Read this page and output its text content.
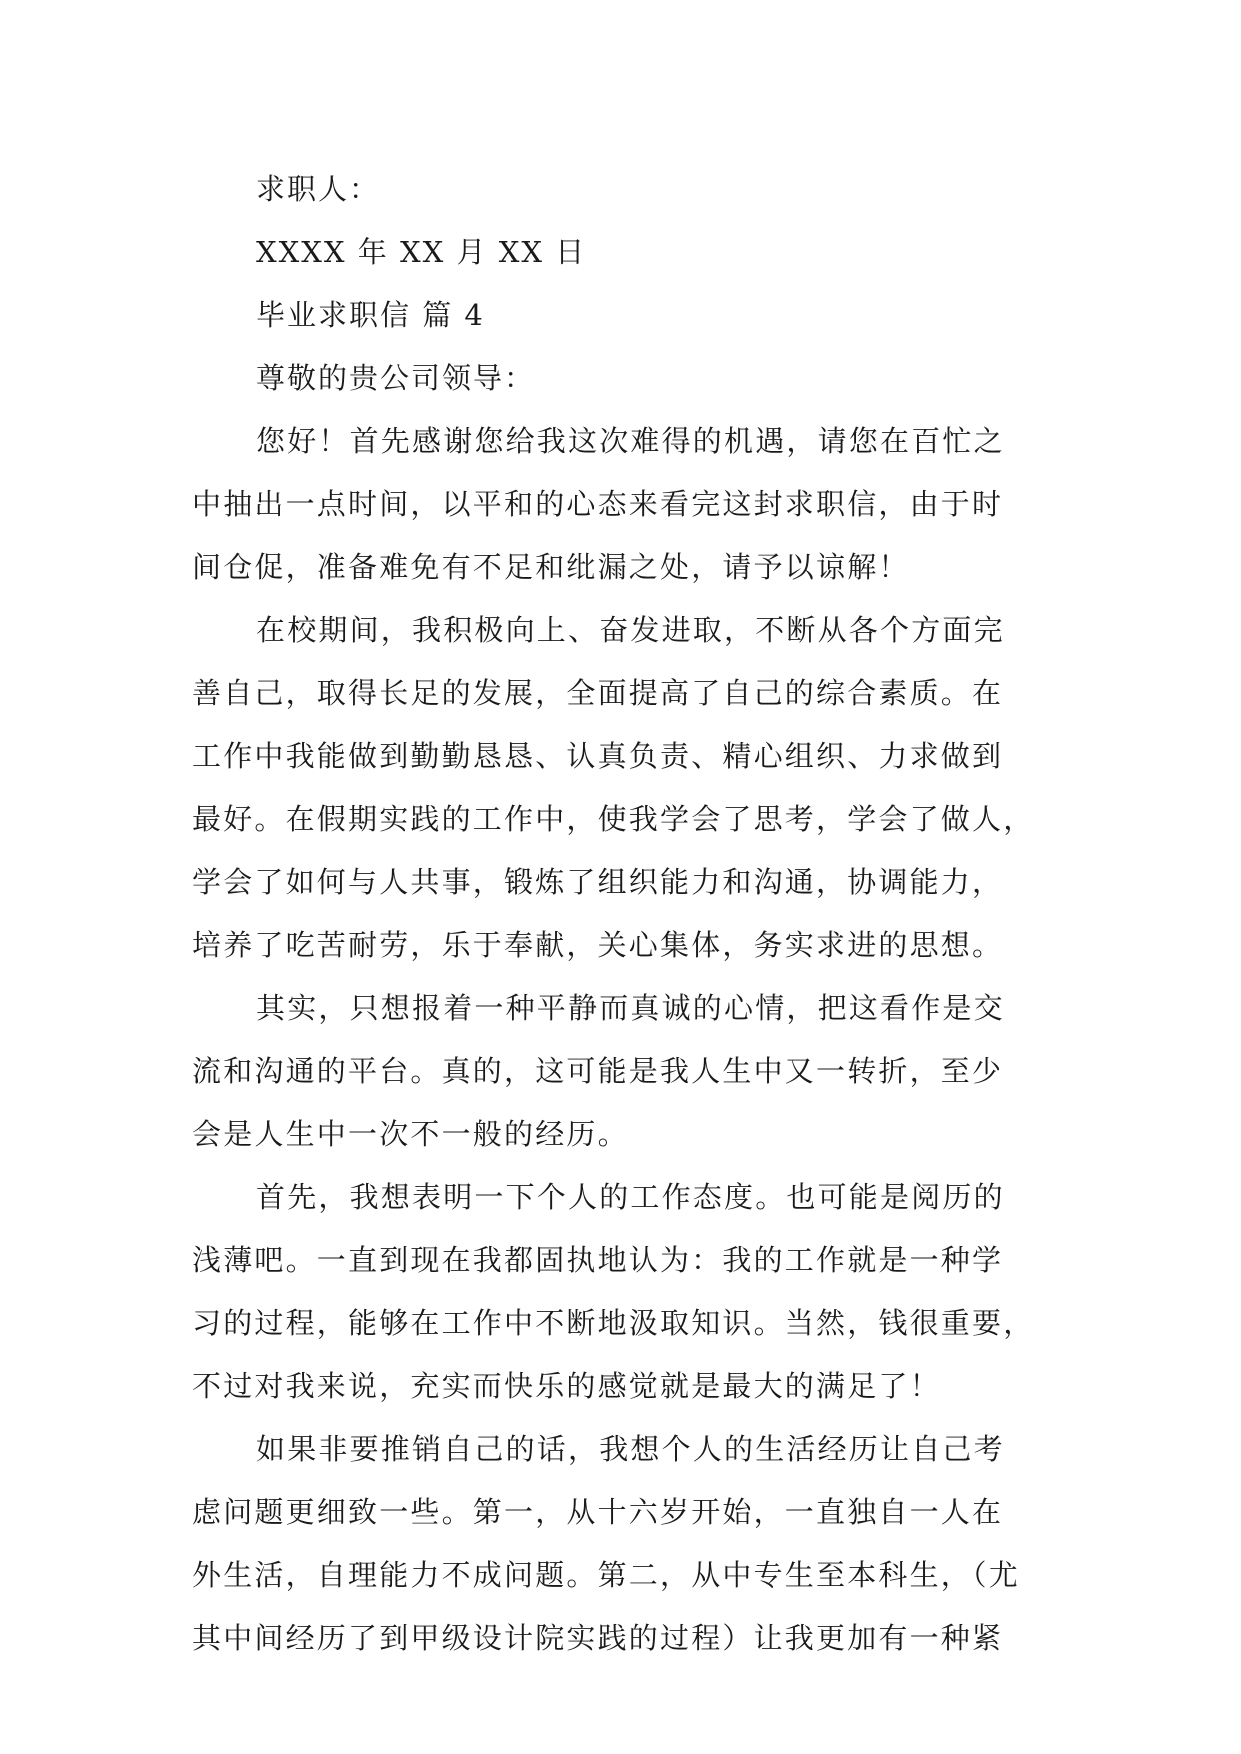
求职人：
XXXX 年 XX 月 XX 日
毕业求职信 篇 4
尊敬的贵公司领导：
您好！首先感谢您给我这次难得的机遇，请您在百忙之
中抽出一点时间，以平和的心态来看完这封求职信，由于时
间仓促，准备难免有不足和纰漏之处，请予以谅解！
在校期间，我积极向上、奋发进取，不断从各个方面完
善自己，取得长足的发展，全面提高了自己的综合素质。在
工作中我能做到勤勤恳恳、认真负责、精心组织、力求做到
最好。在假期实践的工作中，使我学会了思考，学会了做人，
学会了如何与人共事，锻炼了组织能力和沟通，协调能力，
培养了吃苦耐劳，乐于奉献，关心集体，务实求进的思想。
其实，只想报着一种平静而真诚的心情，把这看作是交
流和沟通的平台。真的，这可能是我人生中又一转折，至少
会是人生中一次不一般的经历。
首先，我想表明一下个人的工作态度。也可能是阅历的
浅薄吧。一直到现在我都固执地认为：我的工作就是一种学
习的过程，能够在工作中不断地汲取知识。当然，钱很重要，
不过对我来说，充实而快乐的感觉就是最大的满足了！
如果非要推销自己的话，我想个人的生活经历让自己考
虑问题更细致一些。第一，从十六岁开始，一直独自一人在
外生活，自理能力不成问题。第二，从中专生至本科生，（尤
其中间经历了到甲级设计院实践的过程）让我更加有一种紧
